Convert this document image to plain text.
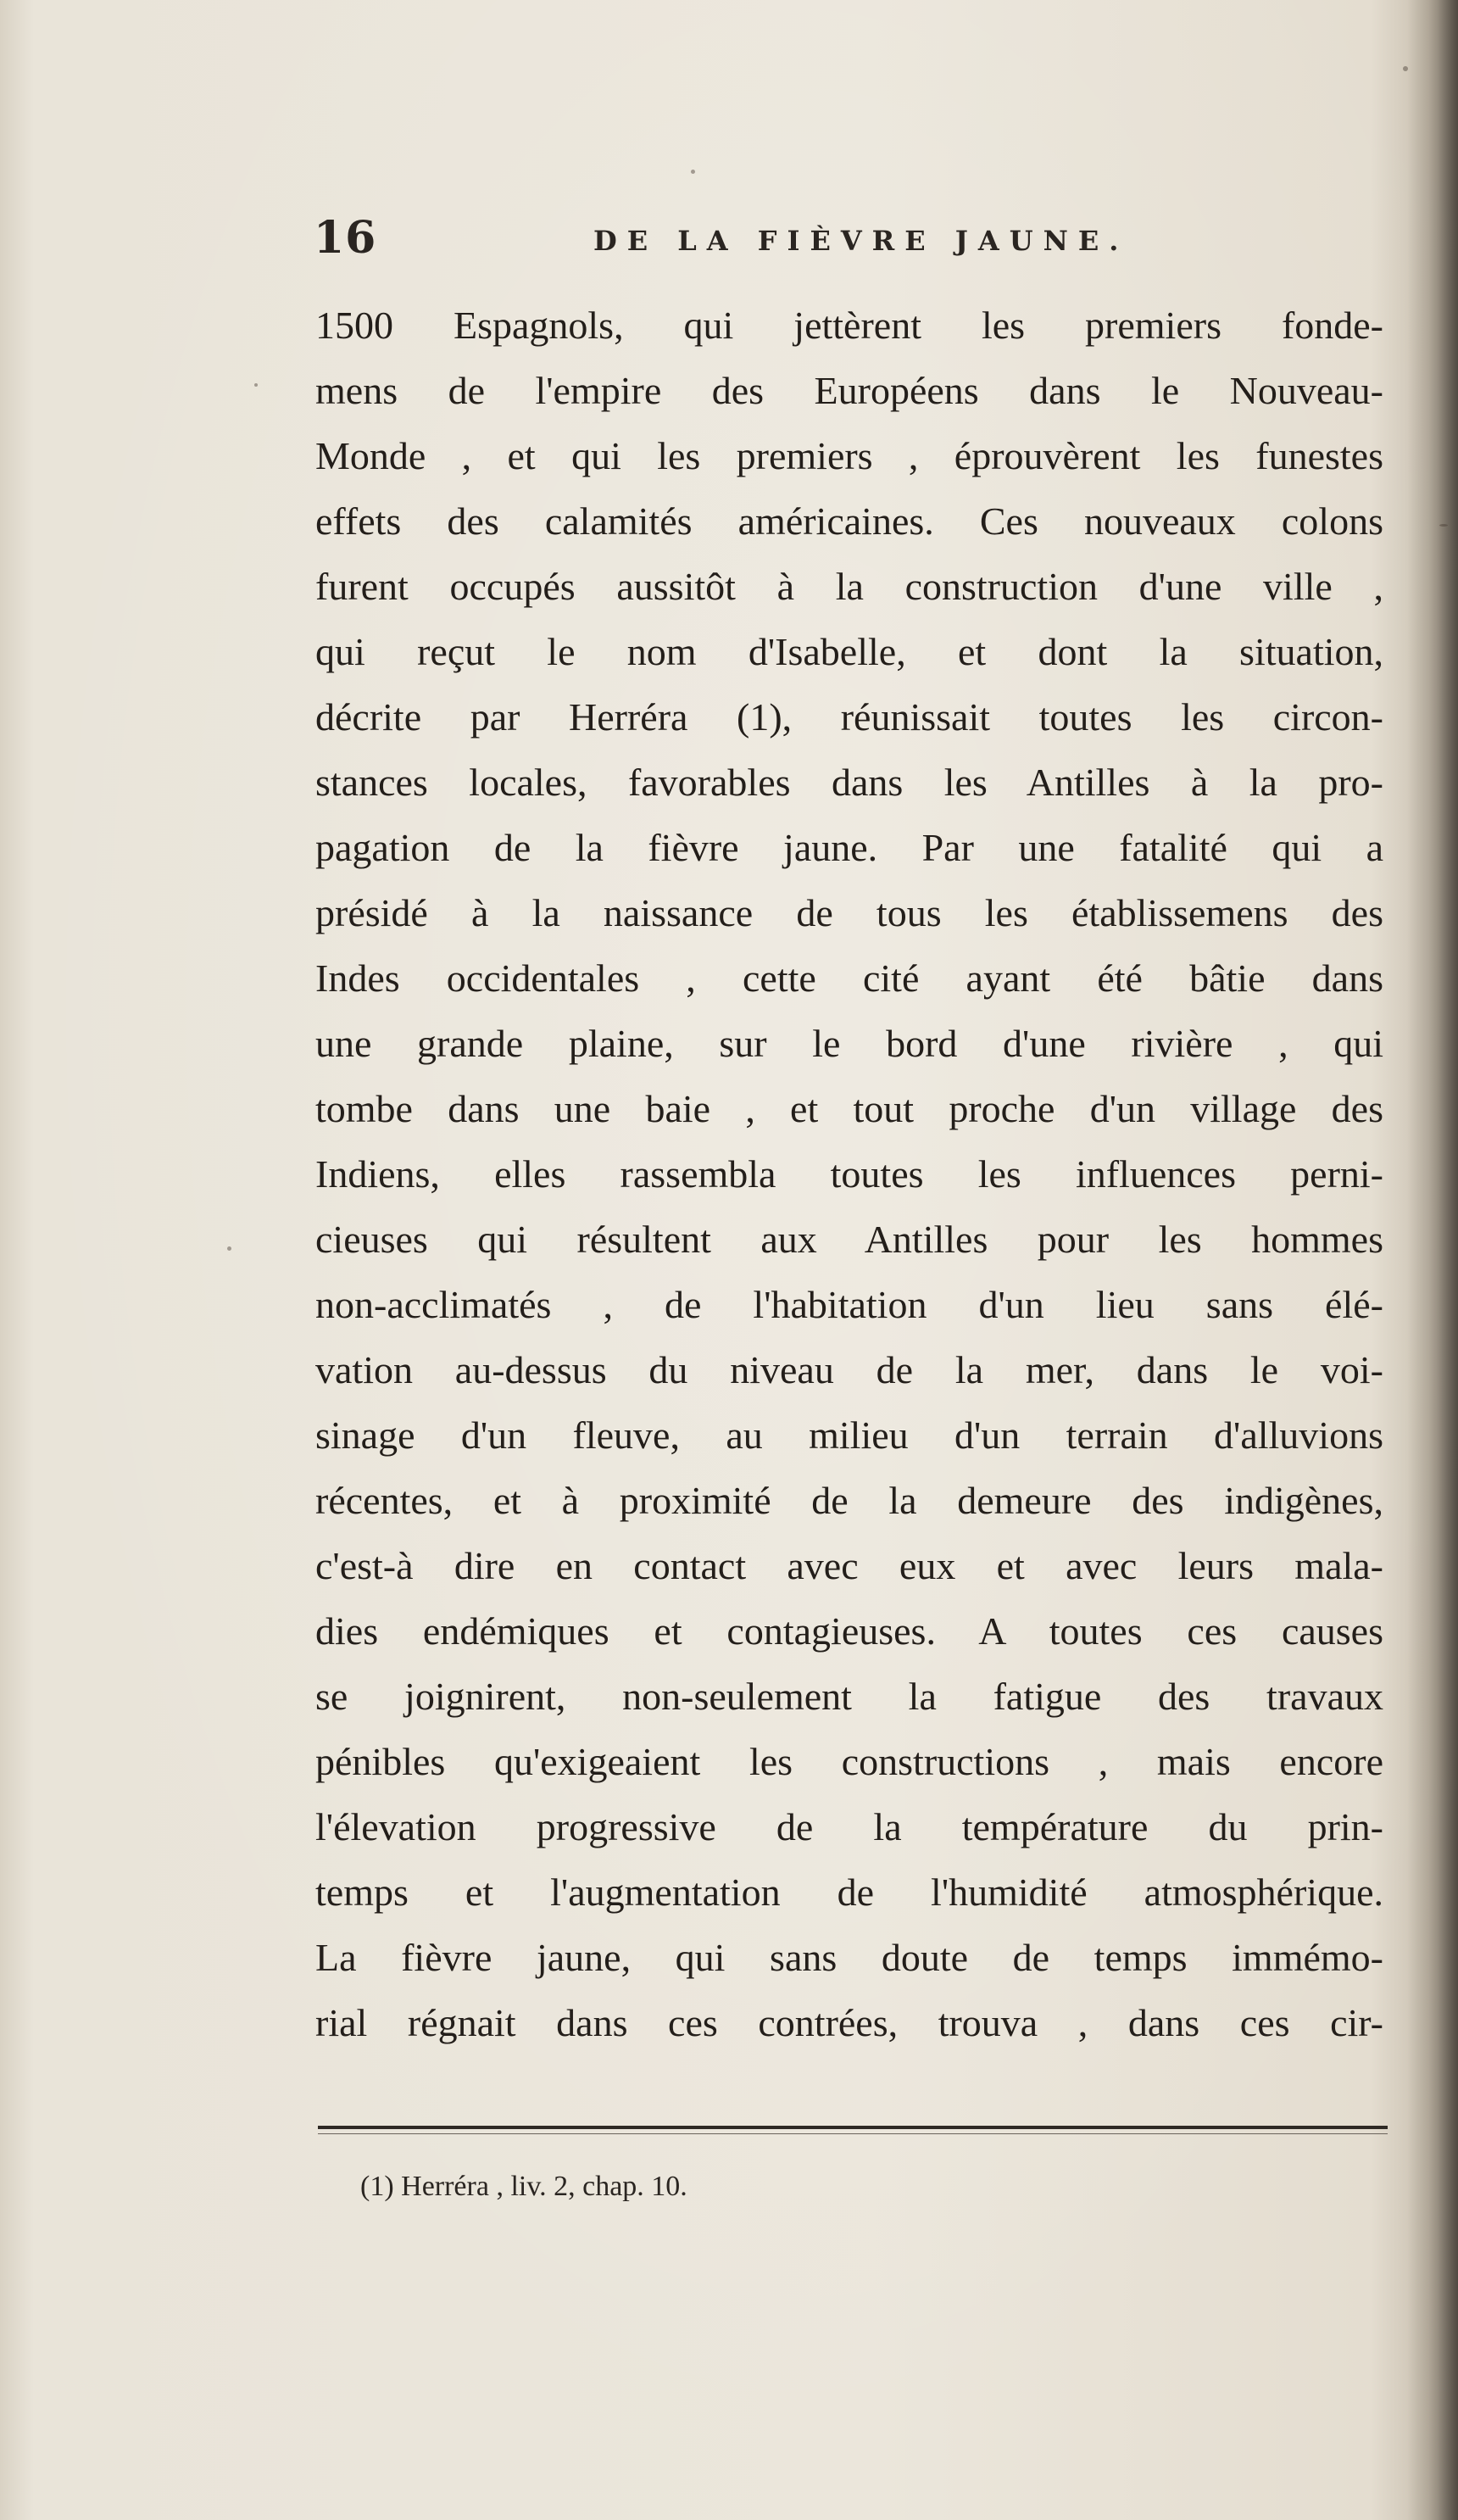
16	DE LA FIÈVRE JAUNE.
1500 Espagnols, qui jettèrent les premiers fonde-
mens de l'empire des Européens dans le Nouveau-
Monde , et qui les premiers , éprouvèrent les funestes
effets des calamités américaines. Ces nouveaux colons
furent occupés aussitôt à la construction d'une ville ,
qui reçut le nom d'Isabelle, et dont la situation,
décrite par Herréra (1), réunissait toutes les circon-
stances locales, favorables dans les Antilles à la pro-
pagation de la fièvre jaune. Par une fatalité qui a
présidé à la naissance de tous les établissemens des
Indes occidentales , cette cité ayant été bâtie dans
une grande plaine, sur le bord d'une rivière , qui
tombe dans une baie , et tout proche d'un village des
Indiens, elles rassembla toutes les influences perni-
cieuses qui résultent aux Antilles pour les hommes
non-acclimatés , de l'habitation d'un lieu sans élé-
vation au-dessus du niveau de la mer, dans le voi-
sinage d'un fleuve, au milieu d'un terrain d'alluvions
récentes, et à proximité de la demeure des indigènes,
c'est-à dire en contact avec eux et avec leurs mala-
dies endémiques et contagieuses. A toutes ces causes
se joignirent, non-seulement la fatigue des travaux
pénibles qu'exigeaient les constructions , mais encore
l'élevation progressive de la température du prin-
temps et l'augmentation de l'humidité atmosphérique.
La fièvre jaune, qui sans doute de temps immémo-
rial régnait dans ces contrées, trouva , dans ces cir-
(1) Herréra , liv. 2, chap. 10.
